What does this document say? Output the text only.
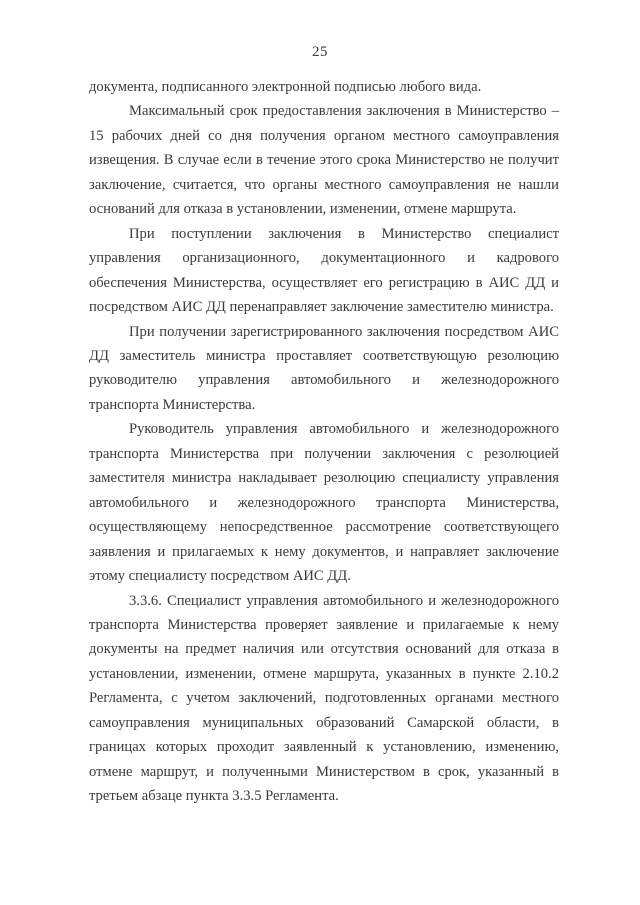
25

документа, подписанного электронной подписью любого вида.

Максимальный срок предоставления заключения в Министерство – 15 рабочих дней со дня получения органом местного самоуправления извещения. В случае если в течение этого срока Министерство не получит заключение, считается, что органы местного самоуправления не нашли оснований для отказа в установлении, изменении, отмене маршрута.

При поступлении заключения в Министерство специалист управления организационного, документационного и кадрового обеспечения Министерства, осуществляет его регистрацию в АИС ДД и посредством АИС ДД перенаправляет заключение заместителю министра.

При получении зарегистрированного заключения посредством АИС ДД заместитель министра проставляет соответствующую резолюцию руководителю управления автомобильного и железнодорожного транспорта Министерства.

Руководитель управления автомобильного и железнодорожного транспорта Министерства при получении заключения с резолюцией заместителя министра накладывает резолюцию специалисту управления автомобильного и железнодорожного транспорта Министерства, осуществляющему непосредственное рассмотрение соответствующего заявления и прилагаемых к нему документов, и направляет заключение этому специалисту посредством АИС ДД.

3.3.6. Специалист управления автомобильного и железнодорожного транспорта Министерства проверяет заявление и прилагаемые к нему документы на предмет наличия или отсутствия оснований для отказа в установлении, изменении, отмене маршрута, указанных в пункте 2.10.2 Регламента, с учетом заключений, подготовленных органами местного самоуправления муниципальных образований Самарской области, в границах которых проходит заявленный к установлению, изменению, отмене маршрут, и полученными Министерством в срок, указанный в третьем абзаце пункта 3.3.5 Регламента.
